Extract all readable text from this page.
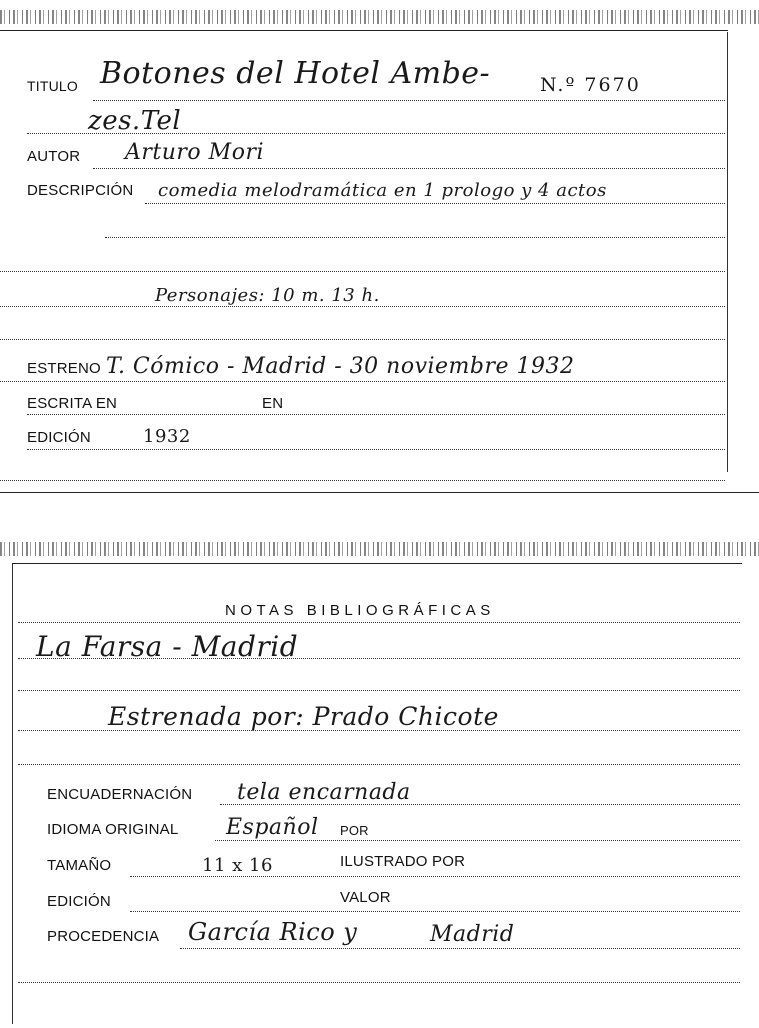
TITULO Botones del Hotel Ambe-	N.º 7670
zes.Tel
AUTOR Arturo Mori
DESCRIPCIÓN comedia melodramática en 1 prologo y 4 actos
Personajes: 10 m. 13 h.
ESTRENO T. Cómico - Madrid - 30 noviembre 1932
ESCRITA EN	EN
EDICIÓN	1932
NOTAS BIBLIOGRÁFICAS
La Farsa - Madrid
Estrenada por: Prado Chicote
ENCUADERNACIÓN tela encarnada
IDIOMA ORIGINAL Español POR
TAMAÑO	11 x 16	ILUSTRADO POR
EDICIÓN	VALOR
PROCEDENCIA García Rico y	Madrid
